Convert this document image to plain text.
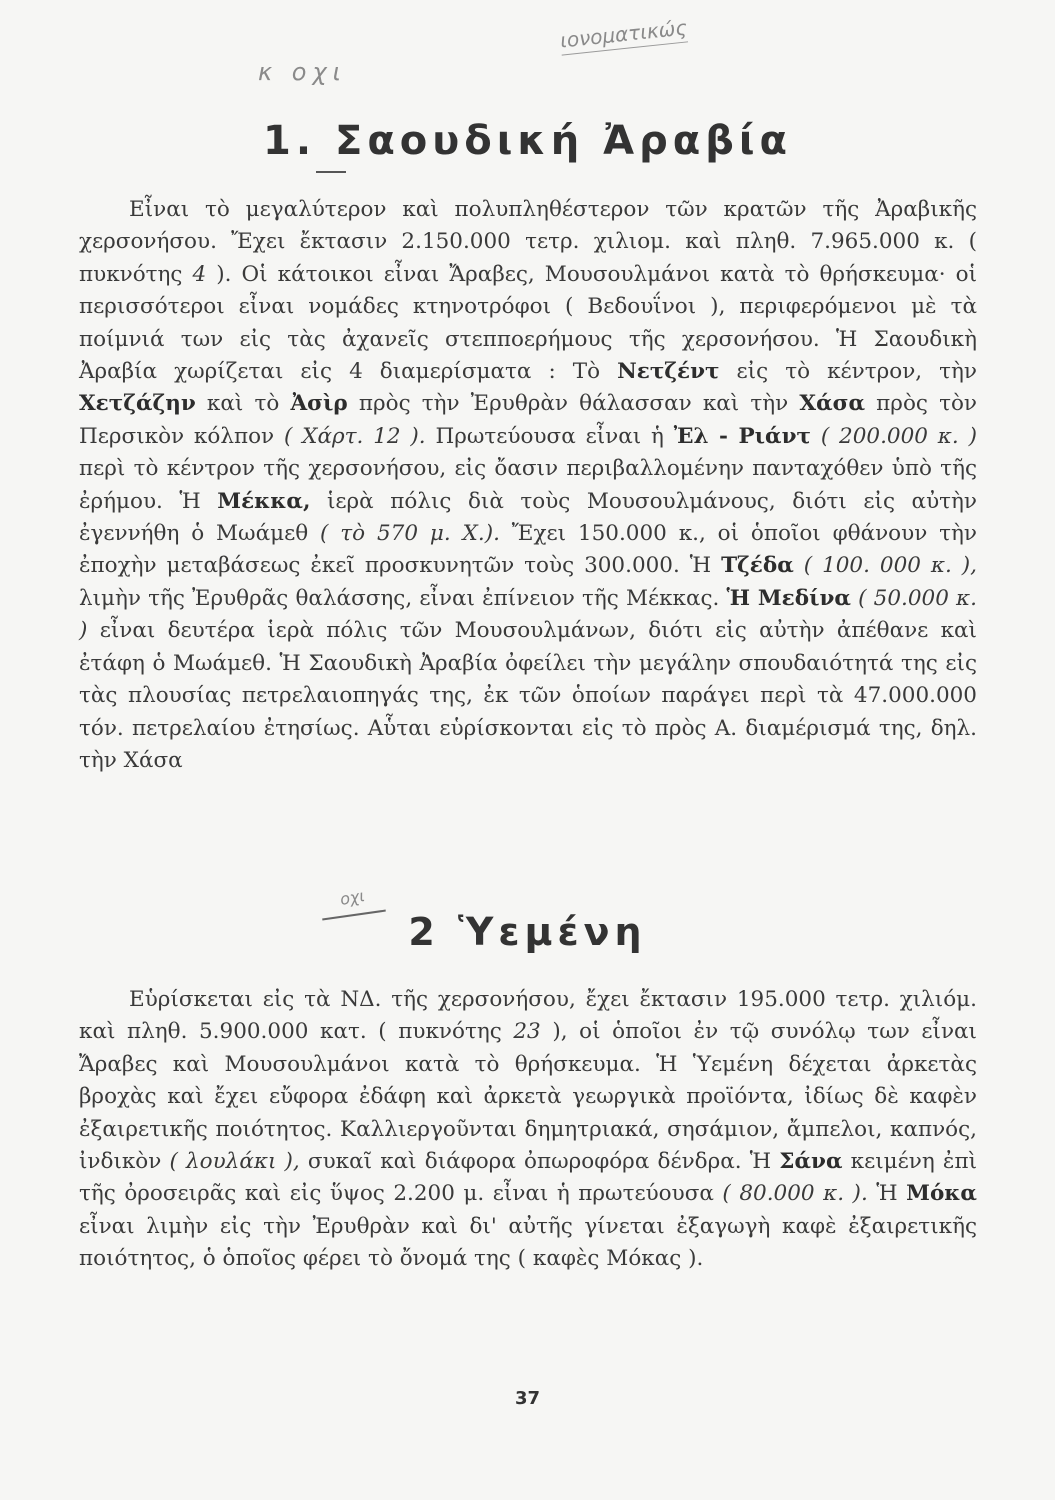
ιονοματικώς
κ οχι
1. Σαουδική Ἀραβία

Εἶναι τὸ μεγαλύτερον καὶ πολυπληθέστερον τῶν κρατῶν τῆς Ἀραβικῆς χερσονήσου. Ἔχει ἔκτασιν 2.150.000 τετρ. χιλιομ. καὶ πληθ. 7.965.000 κ. ( πυκνότης 4 ). Οἱ κάτοικοι εἶναι Ἄραβες, Μουσουλμάνοι κατὰ τὸ θρήσκευμα· οἱ περισσότεροι εἶναι νομάδες κτηνοτρόφοι ( Βεδουΐνοι ), περιφερόμενοι μὲ τὰ ποίμνιά των εἰς τὰς ἀχανεῖς στεπποερήμους τῆς χερσονήσου. Ἡ Σαουδικὴ Ἀραβία χωρίζεται εἰς 4 διαμερίσματα : Τὸ Νετζέντ εἰς τὸ κέντρον, τὴν Χετζάζην καὶ τὸ Ἀσὶρ πρὸς τὴν Ἐρυθρὰν θάλασσαν καὶ τὴν Χάσα πρὸς τὸν Περσικὸν κόλπον ( Χάρτ. 12 ). Πρωτεύουσα εἶναι ἡ Ἐλ - Ριάντ ( 200.000 κ. ) περὶ τὸ κέντρον τῆς χερσονήσου, εἰς ὄασιν περιβαλλομένην πανταχόθεν ὑπὸ τῆς ἐρήμου. Ἡ Μέκκα, ἱερὰ πόλις διὰ τοὺς Μουσουλμάνους, διότι εἰς αὐτὴν ἐγεννήθη ὁ Μωάμεθ ( τὸ 570 μ. Χ.). Ἔχει 150.000 κ., οἱ ὁποῖοι φθάνουν τὴν ἐποχὴν μεταβάσεως ἐκεῖ προσκυνητῶν τοὺς 300.000. Ἡ Τζέδα ( 100. 000 κ. ), λιμὴν τῆς Ἐρυθρᾶς θαλάσσης, εἶναι ἐπίνειον τῆς Μέκκας. Ἡ Μεδίνα ( 50.000 κ. ) εἶναι δευτέρα ἱερὰ πόλις τῶν Μουσουλμάνων, διότι εἰς αὐτὴν ἀπέθανε καὶ ἐτάφη ὁ Μωάμεθ. Ἡ Σαουδικὴ Ἀραβία ὀφείλει τὴν μεγάλην σπουδαιότητά της εἰς τὰς πλουσίας πετρελαιοπηγάς της, ἐκ τῶν ὁποίων παράγει περὶ τὰ 47.000.000 τόν. πετρελαίου ἐτησίως. Αὗται εὑρίσκονται εἰς τὸ πρὸς Α. διαμέρισμά της, δηλ. τὴν Χάσα

οχι
2 Ὑεμένη

Εὑρίσκεται εἰς τὰ ΝΔ. τῆς χερσονήσου, ἔχει ἔκτασιν 195.000 τετρ. χιλιόμ. καὶ πληθ. 5.900.000 κατ. ( πυκνότης 23 ), οἱ ὁποῖοι ἐν τῷ συνόλῳ των εἶναι Ἄραβες καὶ Μουσουλμάνοι κατὰ τὸ θρήσκευμα. Ἡ Ὑεμένη δέχεται ἀρκετὰς βροχὰς καὶ ἔχει εὔφορα ἐδάφη καὶ ἀρκετὰ γεωργικὰ προϊόντα, ἰδίως δὲ καφὲν ἐξαιρετικῆς ποιότητος. Καλλιεργοῦνται δημητριακά, σησάμιον, ἄμπελοι, καπνός, ἰνδικὸν ( λουλάκι ), συκαῖ καὶ διάφορα ὀπωροφόρα δένδρα. Ἡ Σάνα κειμένη ἐπὶ τῆς ὀροσειρᾶς καὶ εἰς ὕψος 2.200 μ. εἶναι ἡ πρωτεύουσα ( 80.000 κ. ). Ἡ Μόκα εἶναι λιμὴν εἰς τὴν Ἐρυθρὰν καὶ δι' αὐτῆς γίνεται ἐξαγωγὴ καφὲ ἐξαιρετικῆς ποιότητος, ὁ ὁποῖος φέρει τὸ ὄνομά της ( καφὲς Μόκας ).

37
